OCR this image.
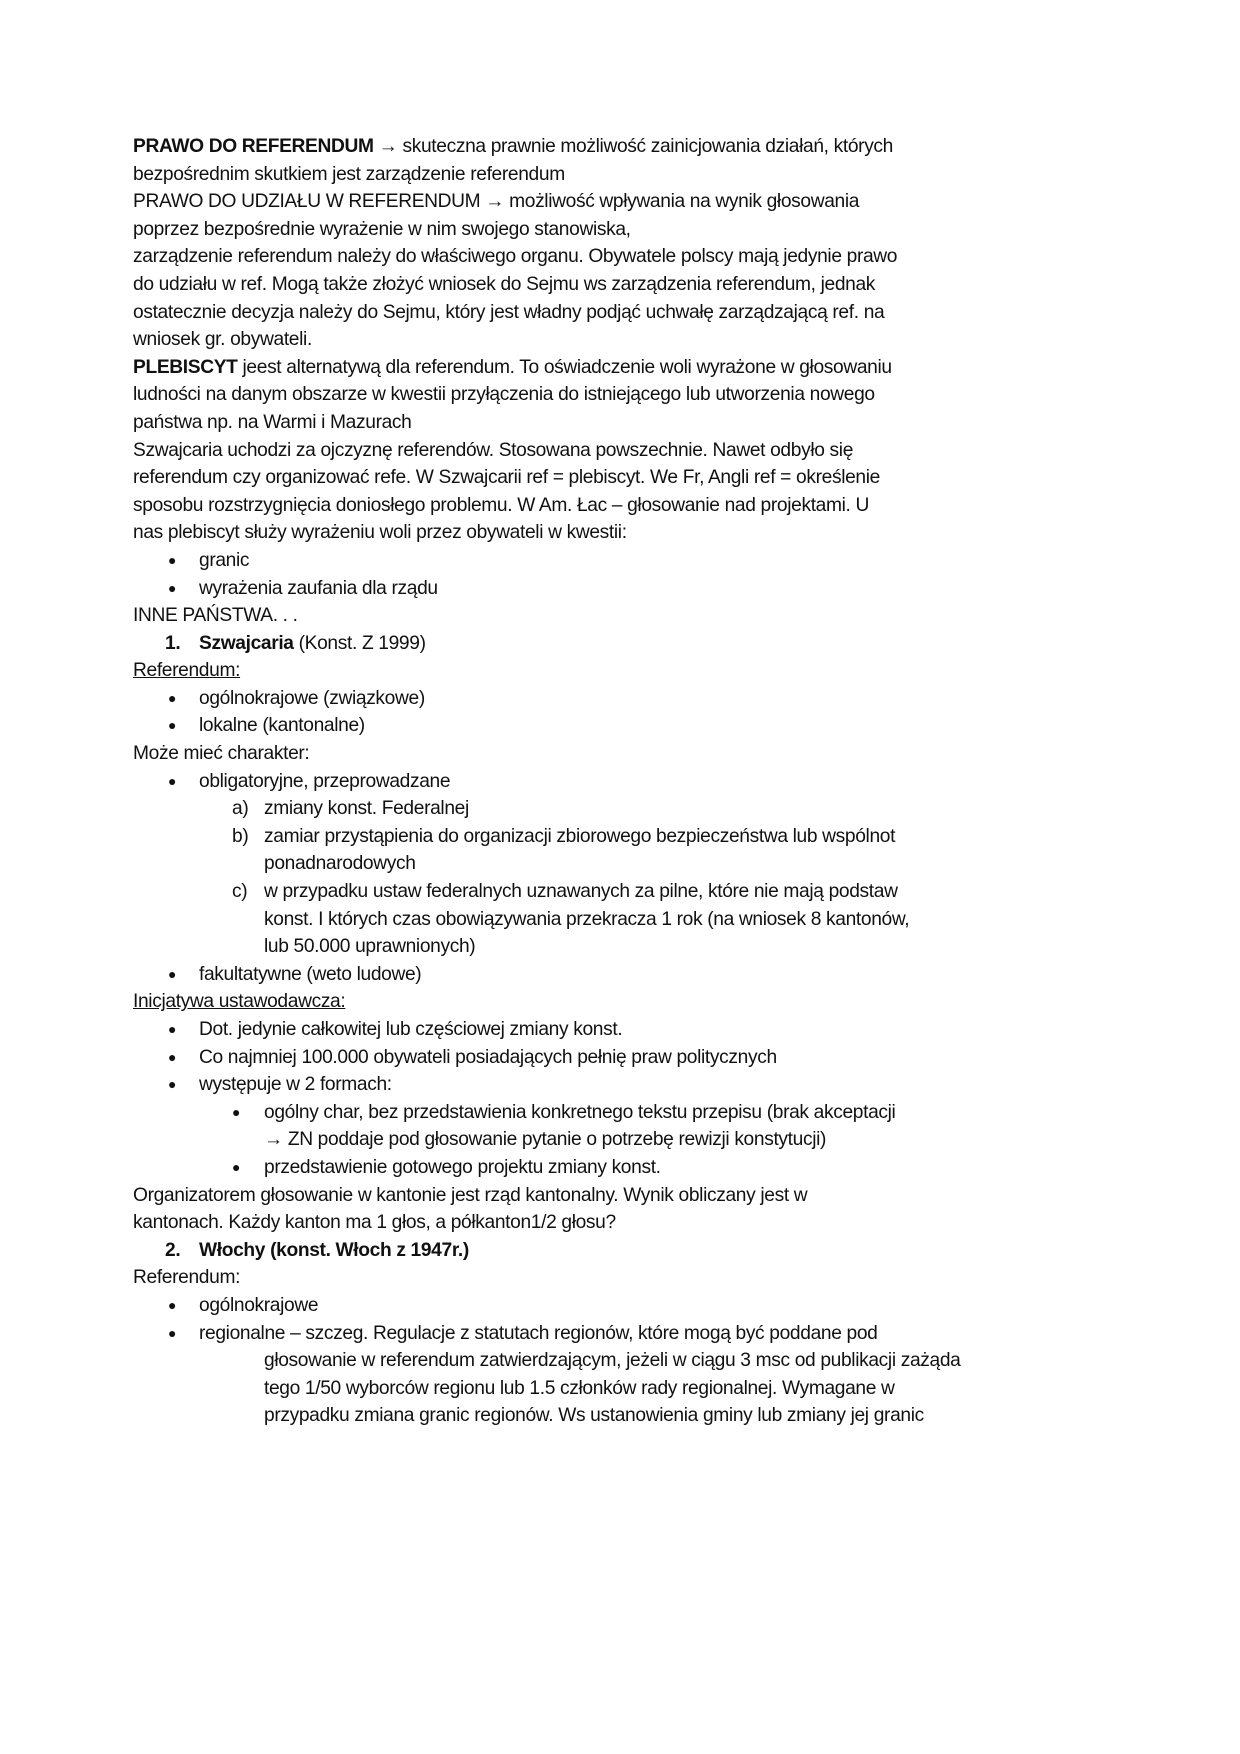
PRAWO DO REFERENDUM → skuteczna prawnie możliwość zainicjowania działań, których
bezpośrednim skutkiem jest zarządzenie referendum
PRAWO DO UDZIAŁU W REFERENDUM → możliwość wpływania na wynik głosowania
poprzez bezpośrednie wyrażenie w nim swojego stanowiska,
zarządzenie referendum należy do właściwego organu. Obywatele polscy mają jedynie prawo
do udziału w ref. Mogą także złożyć wniosek do Sejmu ws zarządzenia referendum, jednak
ostatecznie decyzja należy do Sejmu, który jest władny podjąć uchwałę zarządzającą ref. na
wniosek gr. obywateli.
PLEBISCYT jeest alternatywą dla referendum. To oświadczenie woli wyrażone w głosowaniu
ludności na danym obszarze w kwestii przyłączenia do istniejącego lub utworzenia nowego
państwa np. na Warmi i Mazurach
Szwajcaria uchodzi za ojczyznę referendów. Stosowana powszechnie. Nawet odbyło się
referendum czy organizować refe. W Szwajcarii ref = plebiscyt. We Fr, Angli ref = określenie
sposobu rozstrzygnięcia doniosłego problemu. W Am. Łac – głosowanie nad projektami. U
nas plebiscyt służy wyrażeniu woli przez obywateli w kwestii:
● granic
● wyrażenia zaufania dla rządu
INNE PAŃSTWA. . .
1. Szwajcaria (Konst. Z 1999)
Referendum:
● ogólnokrajowe (związkowe)
● lokalne (kantonalne)
Może mieć charakter:
● obligatoryjne, przeprowadzane
a) zmiany konst. Federalnej
b) zamiar przystąpienia do organizacji zbiorowego bezpieczeństwa lub wspólnot
ponadnarodowych
c) w przypadku ustaw federalnych uznawanych za pilne, które nie mają podstaw
konst. I których czas obowiązywania przekracza 1 rok (na wniosek 8 kantonów,
lub 50.000 uprawnionych)
● fakultatywne (weto ludowe)
Inicjatywa ustawodawcza:
● Dot. jedynie całkowitej lub częściowej zmiany konst.
● Co najmniej 100.000 obywateli posiadających pełnię praw politycznych
● występuje w 2 formach:
● ogólny char, bez przedstawienia konkretnego tekstu przepisu (brak akceptacji
→ ZN poddaje pod głosowanie pytanie o potrzebę rewizji konstytucji)
● przedstawienie gotowego projektu zmiany konst.
Organizatorem głosowanie w kantonie jest rząd kantonalny. Wynik obliczany jest w
kantonach. Każdy kanton ma 1 głos, a półkanton1/2 głosu?
2. Włochy (konst. Włoch z 1947r.)
Referendum:
● ogólnokrajowe
● regionalne – szczeg. Regulacje z statutach regionów, które mogą być poddane pod
głosowanie w referendum zatwierdzającym, jeżeli w ciągu 3 msc od publikacji zażąda
tego 1/50 wyborców regionu lub 1.5 członków rady regionalnej. Wymagane w
przypadku zmiana granic regionów. Ws ustanowienia gminy lub zmiany jej granic
